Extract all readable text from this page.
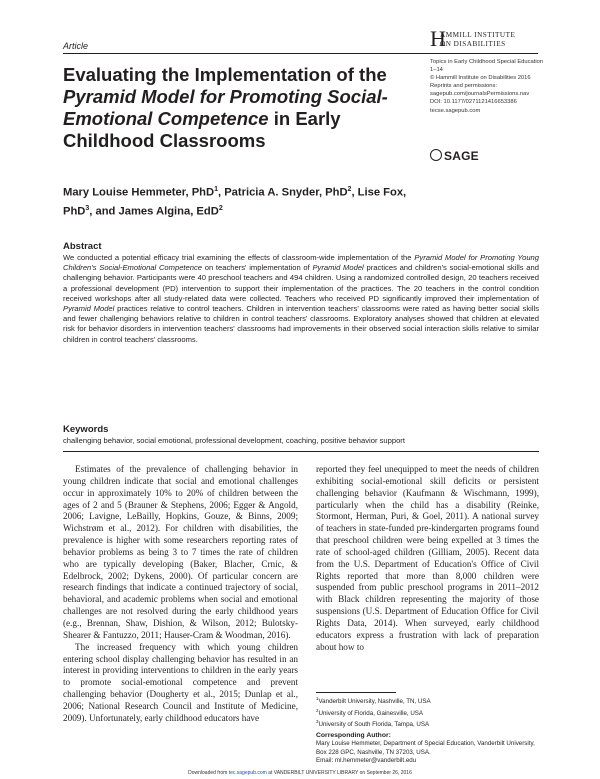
Article	H
AMMILL INSTITUTE
ON DISABILITIES
Topics in Early Childhood Special Education
1–14
© Hammill Institute on Disabilities 2016
Reprints and permissions:
sagepub.com/journalsPermissions.nav
DOI: 10.1177/0271121416653386
tecse.sagepub.com
SAGE
Evaluating the Implementation of the Pyramid Model for Promoting Social-Emotional Competence in Early Childhood Classrooms
Mary Louise Hemmeter, PhD$^1$, Patricia A. Snyder, PhD$^2$, Lise Fox, PhD$^3$, and James Algina, EdD$^2$
Abstract
We conducted a potential efficacy trial examining the effects of classroom-wide implementation of the Pyramid Model for Promoting Young Children's Social-Emotional Competence on teachers' implementation of Pyramid Model practices and children's social-emotional skills and challenging behavior. Participants were 40 preschool teachers and 494 children. Using a randomized controlled design, 20 teachers received a professional development (PD) intervention to support their implementation of the practices. The 20 teachers in the control condition received workshops after all study-related data were collected. Teachers who received PD significantly improved their implementation of Pyramid Model practices relative to control teachers. Children in intervention teachers' classrooms were rated as having better social skills and fewer challenging behaviors relative to children in control teachers' classrooms. Exploratory analyses showed that children at elevated risk for behavior disorders in intervention teachers' classrooms had improvements in their observed social interaction skills relative to similar children in control teachers' classrooms.
Keywords
challenging behavior, social emotional, professional development, coaching, positive behavior support

Estimates of the prevalence of challenging behavior in young children indicate that social and emotional challenges occur in approximately 10% to 20% of children between the ages of 2 and 5 (Brauner & Stephens, 2006; Egger & Angold, 2006; Lavigne, LeBailly, Hopkins, Gouze, & Binns, 2009; Wichstrøm et al., 2012). For children with disabilities, the prevalence is higher with some researchers reporting rates of behavior problems as being 3 to 7 times the rate of children who are typically developing (Baker, Blacher, Crnic, & Edelbrock, 2002; Dykens, 2000). Of particular concern are research findings that indicate a continued trajectory of social, behavioral, and academic problems when social and emotional challenges are not resolved during the early childhood years (e.g., Brennan, Shaw, Dishion, & Wilson, 2012; Bulotsky-Shearer & Fantuzzo, 2011; Hauser-Cram & Woodman, 2016).

The increased frequency with which young children entering school display challenging behavior has resulted in an interest in providing interventions to children in the early years to promote social-emotional competence and prevent challenging behavior (Dougherty et al., 2015; Dunlap et al., 2006; National Research Council and Institute of Medicine, 2009). Unfortunately, early childhood educators have

reported they feel unequipped to meet the needs of children exhibiting social-emotional skill deficits or persistent challenging behavior (Kaufmann & Wischmann, 1999), particularly when the child has a disability (Reinke, Stormont, Herman, Puri, & Goel, 2011). A national survey of teachers in state-funded pre-kindergarten programs found that preschool children were being expelled at 3 times the rate of school-aged children (Gilliam, 2005). Recent data from the U.S. Department of Education's Office of Civil Rights reported that more than 8,000 children were suspended from public preschool programs in 2011–2012 with Black children representing the majority of those suspensions (U.S. Department of Education Office for Civil Rights Data, 2014). When surveyed, early childhood educators express a frustration with lack of preparation about how to

$^1$Vanderbilt University, Nashville, TN, USA
$^2$University of Florida, Gainesville, USA
$^3$University of South Florida, Tampa, USA
Corresponding Author:
Mary Louise Hemmeter, Department of Special Education, Vanderbilt University, Box 228 GPC, Nashville, TN 37203, USA.
Email: ml.hemmeter@vanderbilt.edu
Downloaded from tec.sagepub.com at VANDERBILT UNIVERSITY LIBRARY on September 26, 2016
